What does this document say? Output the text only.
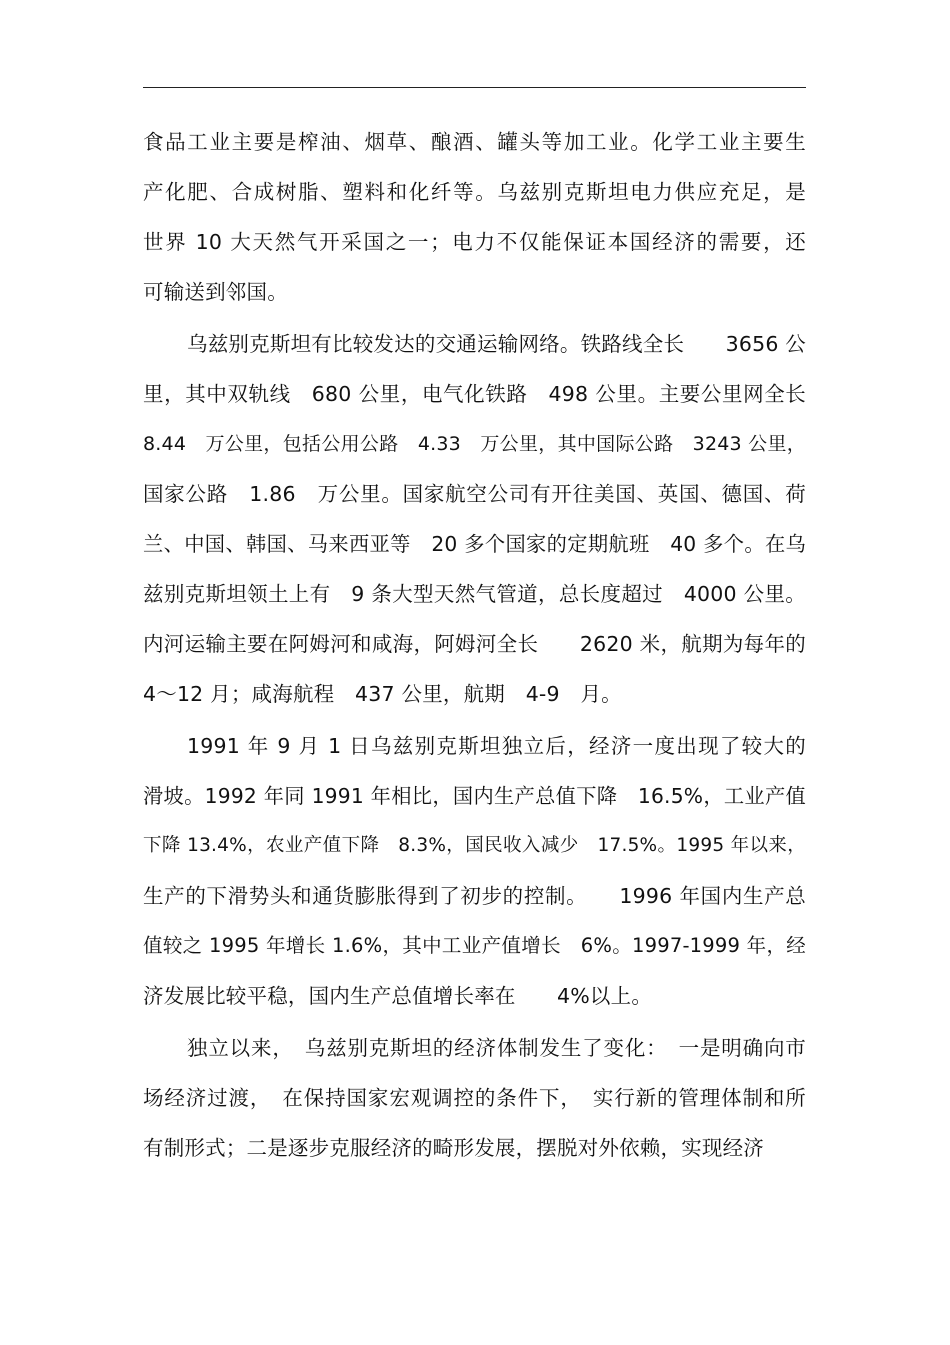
食品工业主要是榨油、烟草、酿酒、罐头等加工业。化学工业主要生
产化肥、合成树脂、塑料和化纤等。乌兹别克斯坦电力供应充足，是
世界 10 大天然气开采国之一；电力不仅能保证本国经济的需要，还
可输送到邻国。
乌兹别克斯坦有比较发达的交通运输网络。铁路线全长　　3656 公
里，其中双轨线　680 公里，电气化铁路　498 公里。主要公里网全长
8.44　万公里，包括公用公路　4.33　万公里，其中国际公路　3243 公里，
国家公路　1.86　万公里。国家航空公司有开往美国、英国、德国、荷
兰、中国、韩国、马来西亚等　20 多个国家的定期航班　40 多个。在乌
兹别克斯坦领土上有　9 条大型天然气管道，总长度超过　4000 公里。
内河运输主要在阿姆河和咸海，阿姆河全长　　2620 米，航期为每年的
4～12 月；咸海航程　437 公里，航期　4-9　月。
1991 年 9 月 1 日乌兹别克斯坦独立后，经济一度出现了较大的
滑坡。1992 年同 1991 年相比，国内生产总值下降　16.5%，工业产值
下降 13.4%，农业产值下降　8.3%，国民收入减少　17.5%。1995 年以来，
生产的下滑势头和通货膨胀得到了初步的控制。　　1996 年国内生产总
值较之 1995 年增长 1.6%，其中工业产值增长　6%。1997-1999 年，经
济发展比较平稳，国内生产总值增长率在　　4%以上。
独立以来，　乌兹别克斯坦的经济体制发生了变化：　一是明确向市
场经济过渡，　在保持国家宏观调控的条件下，　实行新的管理体制和所
有制形式；二是逐步克服经济的畸形发展，摆脱对外依赖，实现经济
